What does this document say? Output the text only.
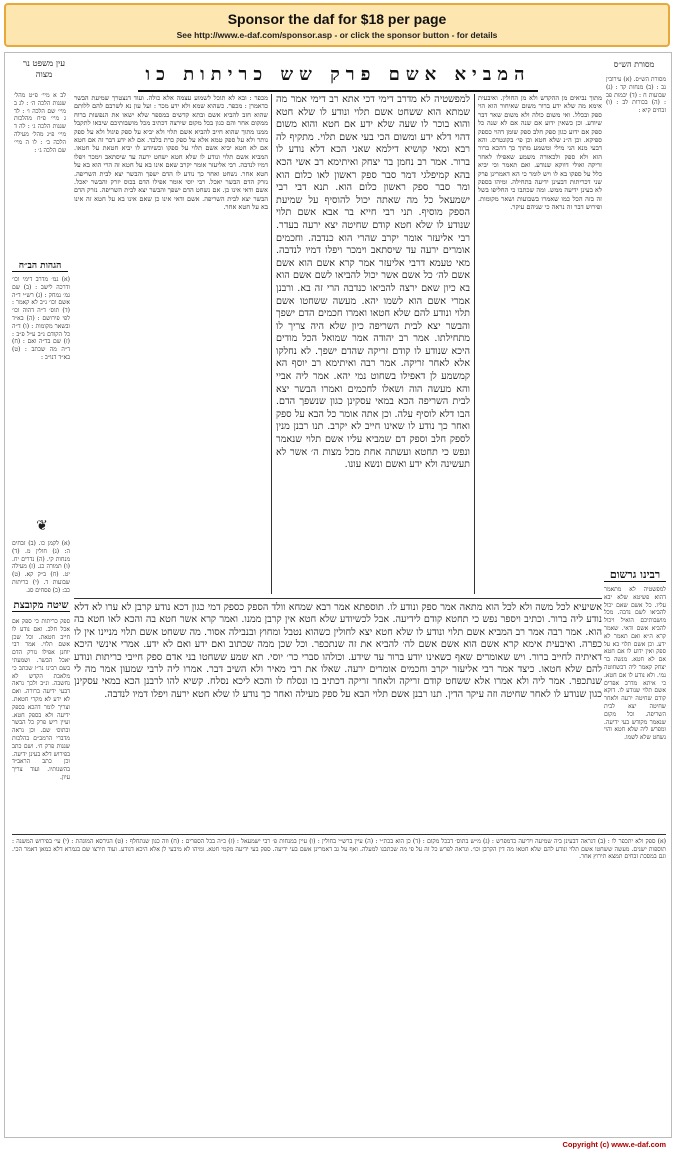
Sponsor the daf for $18 per page
See http://www.e-daf.com/sponsor.asp - or click the sponsor button - for details
עין משפט נר מצוה
מסורת הש״ס
המביא אשם פרק שש כריתות כו
לב א מיי׳ פ״ט מהל׳ שגגות הלכה ה׳ : לג ב מיי׳ שם הלכה ו׳ : לד ג מיי׳ פ״ח מהלכות שגגות הלכה ג׳ : לה ד מיי׳ פ״ג מהל׳ מעילה הלכה ב׳ : לו ה מיי׳ שם הלכה ג׳ :
הגהות הב״ח
(א) גמ׳ מדרב דימי וכו׳ ודרכה לישב : (ב) שם גמ׳ נמחק : (ג) רש״י ד״ה אשם וכו׳ נ״ב לא קאמר : (ד) תוס׳ ד״ה דהוה וכו׳ לפי פירושם : (ה) בא״ד ובשאר מקומות : (ו) ד״ה כל הקודם נ״ב ע״ל פ״ב : (ז) שם בד״ה ואם : (ח) ד״ה מה שכתב : (ט) בא״ד דנו״ב :
❦
(א) לקמן כו. (ב) זבחים ה: (ג) חולין מ. (ד) מנחות קי. (ה) נדרים יח. (ו) תמורה כג. (ז) מעילה יט. (ח) ב״ק קא. (ט) שבועות ד. (י) כריתות כב: (כ) פסחים סג.
מכפר : ובא לא תוכל לשמוע עצמה אלא כולה. ועוד דנצטרך שמיעת הבשר כדאמרן : מכפר. כשהוא שמא ולא ידע מכר : ועל עון נא לשרבם להם ללותם שהוא חזב להביא אשם ובתא קדשים במספר שלא ישאו את הנפשות ברוח ממקום אחר והם כגון בכל מקום שירצה דכתיב מכל מושבותיכם שיבאו לתקבל ממנו מתוך שהוא חייב להביא אשם תלוי ולא יביא על ספק פיגול ולא על ספק נותר ולא על ספק טמא אלא על ספק כרת בלבד. אם לא ידע דבר זה אם חטא אם לא חטא יביא אשם תלוי על ספקו וכשיודע לו יביא חטאת על חטאו. המביא אשם תלוי ונודע לו שלא חטא ישחט ירעה עד שיסתאב וימכר ויפלו דמיו לנדבה. רבי אליעזר אומר יקרב שאם אינו בא על חטא זה הרי הוא בא על חטא אחר. נשחט ואחר כך נודע לו הדם ישפך והבשר יצא לבית השריפה. נזרק הדם הבשר יאכל. רבי יוסי אומר אפילו הדם בכוס יזרק והבשר יאכל. אשם ודאי אינו כן. אם נשחט הדם ישפך והבשר יצא לבית השריפה. נזרק הדם הבשר יצא לבית השריפה. אשם ודאי אינו כן שאם אינו בא על חטא זה אינו בא על חטא אחר.
למפשטיה לא מדרב דימי דכי אתא רב דימי אמר מה שמתא הוא ששחט אשם תלוי ונודע לו שלא חטא והוא בוכר לו שעה שלא ידע אם חטא והוא משום דהוי דלא ידע ומשום הכי בעי אשם תלוי. מתקיף לה רבא ומאי קושיא דילמא שאני הכא דלא נודע לו ברור. אמר רב נחמן בר יצחק ואיתימא רב אשי הכא בהא קמיפלגי דמר סבר ספק ראשון לאו כלום הוא ומר סבר ספק ראשון כלום הוא. תנא דבי רבי ישמעאל כל מה שאתה יכול להוסיף על שמיעת הספק מוסיף. תני רבי חייא בר אבא אשם תלוי שנודע לו שלא חטא קודם שחיטה יצא ירעה בעדר. רבי אליעזר אומר יקרב שהרי הוא כנדבה. וחכמים אומרים ירעה עד שיסתאב וימכר ויפלו דמיו לנדבה. מאי טעמא דרבי אליעזר אמר קרא אשם הוא אשם אשם לה׳ כל אשם אשר יכול להביאו לשם אשם הוא בא כיון שאם ירצה להביאו כנדבה הרי זה בא. ורבנן אמרי אשם הוא לשמו יהא. מעשה ששחטו אשם תלוי ונודע להם שלא חטאו ואמרו חכמים הדם ישפך והבשר יצא לבית השריפה כיון שלא היה צריך לו מתחילתו. אמר רב יהודה אמר שמואל הכל מודים היכא שנודע לו קודם זריקה שהדם ישפך. לא נחלקו אלא לאחר זריקה. אמר רבה ואיתימא רב יוסף הא קמשמע לן דאפילו בשחוט נמי יהא. אמר ליה אביי והא מעשה הוה ושאלו לחכמים ואמרו הבשר יצא לבית השריפה הכא במאי עסקינן כגון שנשפך הדם. הבו דלא לוסיף עלה. וכן אתה אומר כל הבא על ספק ואחר כך נודע לו שאינו חייב לא יקרב. תנו רבנן מנין לספק חלב וספק דם שמביא עליו אשם תלוי שנאמר ונפש כי תחטא ועשתה אחת מכל מצות ה׳ אשר לא תעשינה ולא ידע ואשם ונשא עונו.
מתוך נביאים מן ההקדש ולא מן החולין. ואיבעית אימא מה שלא ידע ברור משום שאיחור הוא הוי ספק ובכלל. ואי משום כולה ולא משום שאר דבר שיודע. וכן כשאין ידוע אם שנה אם לא שנה כל ספק אם ידוע כגון ספק חלב ספק שומן דהוי כספק ספיקא. וכן ה״נ שלא חטא וכן פי׳ בקונטרס. והא דבעי מנא הני מילי ומשמע מתוך כך דהכא ברור הוא ולא ספק ולכאורה משמע שאפילו לאחר זריקה ואולי דווקא שנודע. ואם תאמר וכי יביא כלל על ספקו בא לו ויש לומר כי הא דאמרינן פרק שני דכריתות דבעינן ידיעה בתחילה. ומיהו בספק לא בעינן ידיעה ממש. ומה שכתבו כי החליפו בשל זה בזה הכל כמו שאמרו בשבועות ושאר מקומות. ופירוש דבר זה נראה כי שניהם עיקר.
מסורת הש״ס. (א) עירובין נב : (ב) מנחות קד : (ג) שבועות ח : (ד) יבמות פב : (ה) בכורות לב : (ו) זבחים קיא :
רבינו גרשום
למפשטיה לא מתאמר דהוא פשיטא שלא יבא עליו. כל אשם שאם יכול להביאו לשם נדבה. מכל מושבותיכם הואיל ויכול להביא אשם ודאי. שאמר קרא ה״א ואם תאמר לא ידע. וכן אשם תלוי בא על ספק ואין ידוע לו אם חטא אם לא חטא. מנשה בר יצחק קאמר ליה דבשחוטה נמי. ולא נודע לו אם חטא. כי איתא מדרב אפרים אשם תלוי שנודע לו. דוקא קודם שחיטה ירעה ולאחר שחיטה יצא לבית השריפה. וכל מקום שנאמר מקודש בעי ידיעה. ומפרש ליה שלא חטא והוי נשחט שלא לשמו.
שיטה מקובצת
ספק כריתות כי ספק אם אכל חלב. ואם נודע לו חייב חטאת. וכל שכן אשם תלוי. אמר רבי יוחנן אפילו נזרק הדם יאכל הבשר. ושמעתי בשם רבינו נר״ו שכתב כי מלאכת הקדש לא נחשבה. ונ״ב ולכך נראה דבעי ידיעה ברורה. ואם לא ידע לא מקרי חטאת. וצריך לומר דהכא בספק ידיעה ולא בספק חטא. ועיין ריש פרק כל הבשר ובתוס׳ שם. וכן נראה מדברי הרמב״ם בהלכות שגגות פרק ח׳. ושם כתב בפירוש דלא בעינן ידיעה. וכן כתב הראב״ד בהשגותיו. ועוד צריך עיון.
אשיעיא לכל משה ולא לכל הוא מתאה אמר ספק ונודע לו. תוספתא אמר רבא שמחא וולד הספק כספק דמי כגון דכא נודע קרבן לא ערו לא דלא נודע ליה ברור. וכתיב ויספר נפש כי תחטא קודם לידיעה. אבל לכשיודע שלא חטא אין קרבן ממנו. ואמר קרא אשר חטא בה והכא לאו חטא בה הוא. אמר רבה אמר רב המביא אשם תלוי ונודע לו שלא חטא יצא לחולין כשהוא נטבל ומחוץ ובנבילה אסור. מה ששחט אשם תלוי מניינו אין לו כפרה. ואיבעית אימא קרא אשם הוא אשם אשם לה׳ להביא את זה שנתכפר. וכל שכן ממה שכתוב ואם ידע ואם לא ידע. אמרי אינשי היכא דאיתיה לחייב ברור. ויש שאומרים שאף כשאינו יודע ברור עד שידע. וכולהו סברי כר׳ יוסי. תא שמע ששחטו בני אדם ספק חייבי כריתות ונודע להם שלא חטאו. כיצד אמר רבי אליעזר יקרב וחכמים אומרים ירעה. שאלו את רבי מאיר ולא השיב דבר. אמרו ליה לרבי שמעון אמר מה לי שנתכפר. אמר ליה ולא אמרו אלא ששחט קודם זריקה ולאחר זריקה דכתיב בו ונסלח לו והכא ליכא נסלח. קשיא להו לרבנן הכא במאי עסקינן כגון שנודע לו לאחר שחיטה וזה עיקר הדין. תנו רבנן אשם תלוי הבא על ספק מעילה ואחר כך נודע לו שלא חטא ירעה ויפלו דמיו לנדבה.
(א) ספק ולא יתכפר לו : (ב) דנראה דבעינן ביה שמיעה וידיעה כדמפרש : (ג) מ״ש בתוס׳ דבכל מקום : (ד) כן הוא בכת״י : (ה) עיין ברש״י בחולין : (ו) עיין במנחות פ׳ רבי ישמעאל : (ז) כ״ה בכל הספרים : (ח) וזה כגון שנתחלף : (ט) הגירסא המוגהת : (י) עי׳ בפירוש המשנה : תוספות ישנים. מעשה ששחטו אשם תלוי ונודע להם שלא חטאו מה דין הקרבן וכו׳. ונראה לפרש כל זה על פי מה שכתבנו למעלה. ואף על גב דאמרינן אשם בעי ידיעה. ספק בעי ידיעה מקמי חטא. ומיהו לא מיבעי לן אלא היכא דנודע. ועוד תירצו שם בגמרא דלא כמאן דאמר הכי. וגם במסכת זבחים תמצא תירוץ אחר.
Copyright (c) www.e-daf.com
